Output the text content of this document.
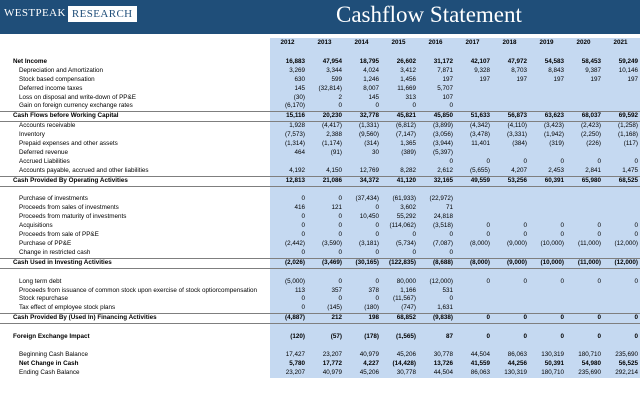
WESTPEAK RESEARCH	Cashflow Statement
	2012	2013	2014	2015	2016	2017	2018	2019	2020	2021

Net Income	16,883	47,954	18,795	26,602	31,172	42,107	47,972	54,583	58,453	59,249
Depreciation and Amortization	3,269	3,344	4,024	3,412	7,871	9,328	8,703	8,843	9,387	10,146
Stock based compensation	630	599	1,246	1,456	197	197	197	197	197	197
Deferred income taxes	145	(32,814)	8,007	11,669	5,707					
Loss on disposal and write-down of PP&E	(30)	2	145	313	107					
Gain on foreign currency exchange rates	(6,170)	0	0	0	0					
Cash Flows before Working Capital	15,116	20,230	32,778	45,821	45,850	51,633	56,873	63,623	68,037	69,592
Accounts receivable	1,928	(4,417)	(1,331)	(6,812)	(3,899)	(4,342)	(4,110)	(3,423)	(2,423)	(1,258)
Inventory	(7,573)	2,388	(9,560)	(7,147)	(3,056)	(3,478)	(3,331)	(1,942)	(2,250)	(1,168)
Prepaid expenses and other assets	(1,314)	(1,174)	(314)	1,365	(3,944)	11,401	(384)	(319)	(226)	(117)
Deferred revenue	464	(91)	30	(389)	(5,397)					
Accrued Liabilities					0	0	0	0	0	0
Accounts payable, accrued and other liabilities	4,192	4,150	12,769	8,282	2,612	(5,655)	4,207	2,453	2,841	1,475
Cash Provided By Operating Activities	12,813	21,086	34,372	41,120	32,165	49,559	53,256	60,391	65,980	68,525

Purchase of investments	0	0	(37,434)	(61,933)	(22,972)					
Proceeds from sales of investments	416	121	0	3,602	71					
Proceeds from maturity of investments	0	0	10,450	55,292	24,818					
Acquisitions	0	0	0	(114,062)	(3,518)	0	0	0	0	0
Proceeds from sale of PP&E	0	0	0	0	0	0	0	0	0	0
Purchase of PP&E	(2,442)	(3,590)	(3,181)	(5,734)	(7,087)	(8,000)	(9,000)	(10,000)	(11,000)	(12,000)
Change in restricted cash	0	0	0	0	0					
Cash Used in Investing Activities	(2,026)	(3,469)	(30,165)	(122,835)	(8,688)	(8,000)	(9,000)	(10,000)	(11,000)	(12,000)

Long term debt	(5,000)	0	0	80,000	(12,000)	0	0	0	0	0
Proceeds from issuance of common stock upon exercise of stock optiorcompensation	113	357	378	1,166	531					
Stock repurchase	0	0	0	(11,567)	0					
Tax effect of employee stock plans	0	(145)	(180)	(747)	1,631					
Cash Provided By (Used In) Financing Activities	(4,887)	212	198	68,852	(9,838)	0	0	0	0	0

Foreign Exchange Impact	(120)	(57)	(178)	(1,565)	87	0	0	0	0	0

Beginning Cash Balance	17,427	23,207	40,979	45,206	30,778	44,504	86,063	130,319	180,710	235,690
Net Change in Cash	5,780	17,772	4,227	(14,428)	13,726	41,559	44,256	50,391	54,980	56,525
Ending Cash Balance	23,207	40,979	45,206	30,778	44,504	86,063	130,319	180,710	235,690	292,214
